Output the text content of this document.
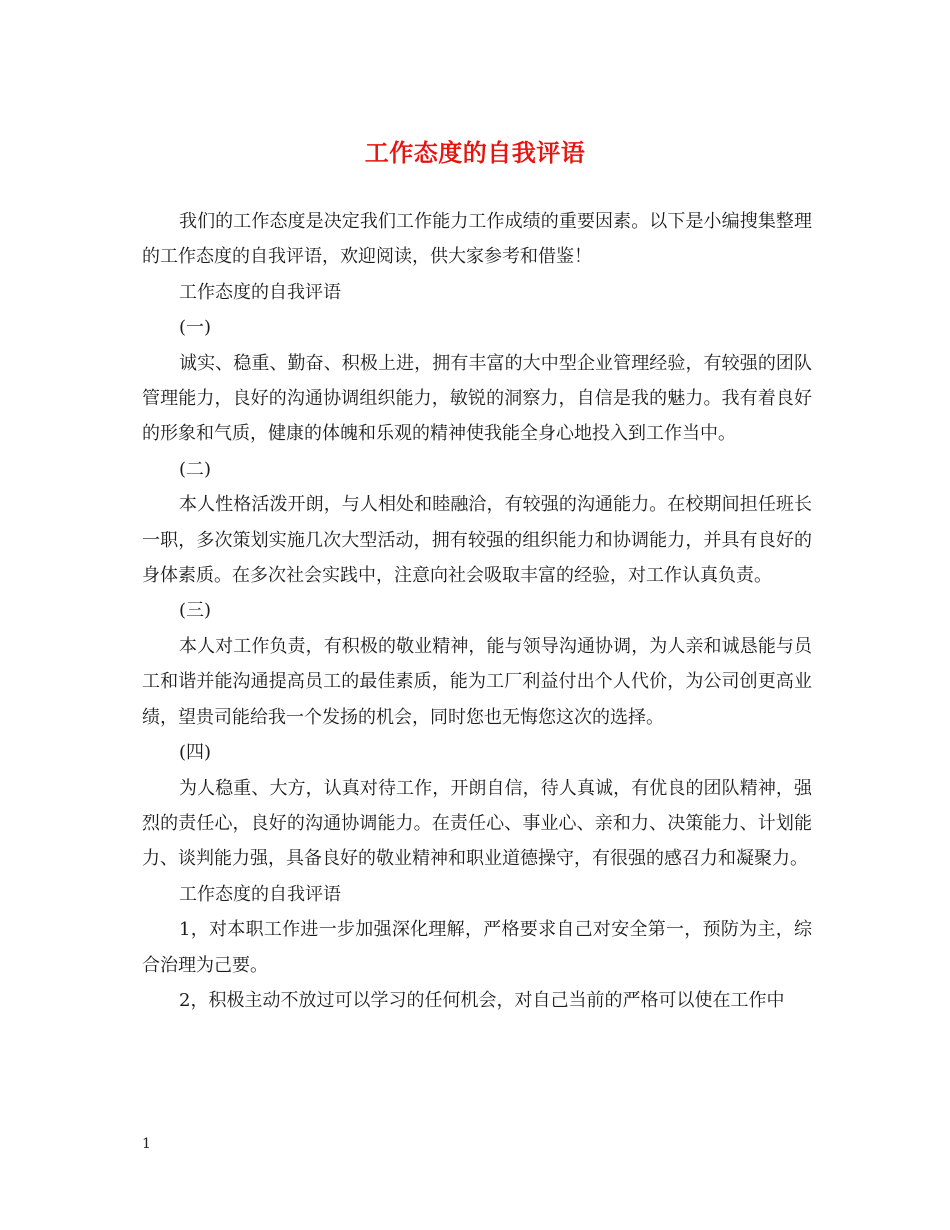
工作态度的自我评语

我们的工作态度是决定我们工作能力工作成绩的重要因素。以下是小编搜集整理的工作态度的自我评语，欢迎阅读，供大家参考和借鉴！

工作态度的自我评语

(一)

诚实、稳重、勤奋、积极上进，拥有丰富的大中型企业管理经验，有较强的团队管理能力，良好的沟通协调组织能力，敏锐的洞察力，自信是我的魅力。我有着良好的形象和气质，健康的体魄和乐观的精神使我能全身心地投入到工作当中。

(二)

本人性格活泼开朗，与人相处和睦融洽，有较强的沟通能力。在校期间担任班长一职，多次策划实施几次大型活动，拥有较强的组织能力和协调能力，并具有良好的身体素质。在多次社会实践中，注意向社会吸取丰富的经验，对工作认真负责。

(三)

本人对工作负责，有积极的敬业精神，能与领导沟通协调，为人亲和诚恳能与员工和谐并能沟通提高员工的最佳素质，能为工厂利益付出个人代价，为公司创更高业绩，望贵司能给我一个发扬的机会，同时您也无悔您这次的选择。

(四)

为人稳重、大方，认真对待工作，开朗自信，待人真诚，有优良的团队精神，强烈的责任心，良好的沟通协调能力。在责任心、事业心、亲和力、决策能力、计划能力、谈判能力强，具备良好的敬业精神和职业道德操守，有很强的感召力和凝聚力。

工作态度的自我评语

1，对本职工作进一步加强深化理解，严格要求自己对安全第一，预防为主，综合治理为己要。

2，积极主动不放过可以学习的任何机会，对自己当前的严格可以使在工作中

1
